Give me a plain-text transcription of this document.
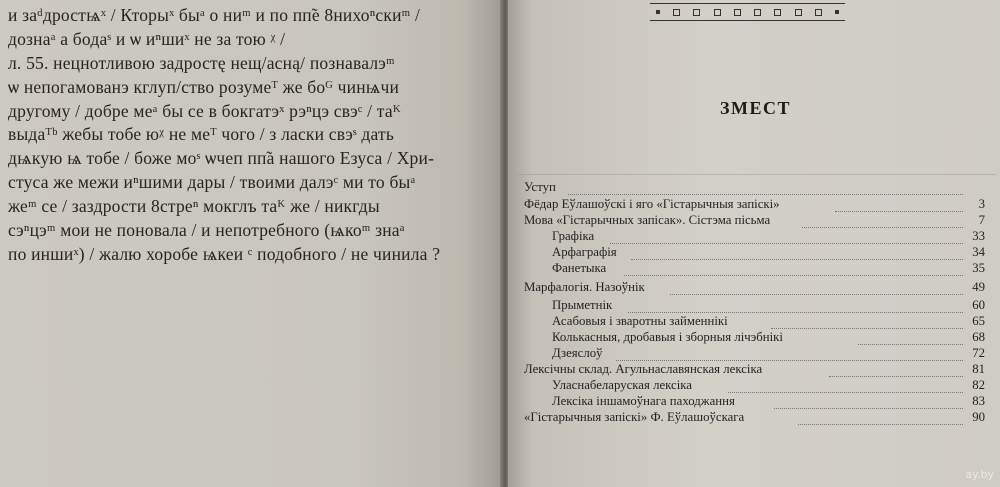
ЗМЕСТ
и заᵈдростѩˣ / Кторыˣ быᵃ о ниᵐ и по пп̃е 8нихоⁿскиᵐ /
дознаᵃ а бодаˢ и ѡ иⁿшиˣ не за тою ᵡ /
л. 55. нецнотливою задростę нещ/аснą/ познавалэᵐ
ѡ непогамованэ кглуп/ство розумеᵀ же боᴳ чинѩчи
другому / добре меᵃ бы се в бокгатэˣ рэⁿцэ свэᶜ / таᴷ
выдаᵀᵇ жебы тобе юᵡ не меᵀ чого / з ласки свэˢ дать
дѩкую ѩ тобе / боже моˢ ѡчеп пп̃а нашого Езуса / Хри-
стуса же межи иⁿшими дары / твоими далэᶜ ми то быᵃ
жеᵐ се / заздрости 8стреⁿ мокглъ таᴷ же / никгды
сэⁿцэᵐ мои не поновала / и непотребного (ѩкоᵐ знаᵃ
по иншиˣ) / жалю хоробе ѩкеи ᶜ подобного / не чинила ?
Уступ
Фёдар Еўлашоўскі і яго «Гістарычныя запіскі»	3
Мова «Гістарычных запісак». Сістэма пісьма	7
Графіка	33
Арфаграфія	34
Фанетыка	35
Марфалогія. Назоўнік	49
Прыметнік	60
Асабовыя і зваротны займеннікі	65
Колькасныя, дробавыя і зборныя лічэбнікі	68
Дзеяслоў	72
Лексічны склад. Агульнаславянская лексіка	81
Уласнабеларуская лексіка	82
Лексіка іншамоўнага паходжання	83
«Гістарычныя запіскі» Ф. Еўлашоўскага	90
ay.by
